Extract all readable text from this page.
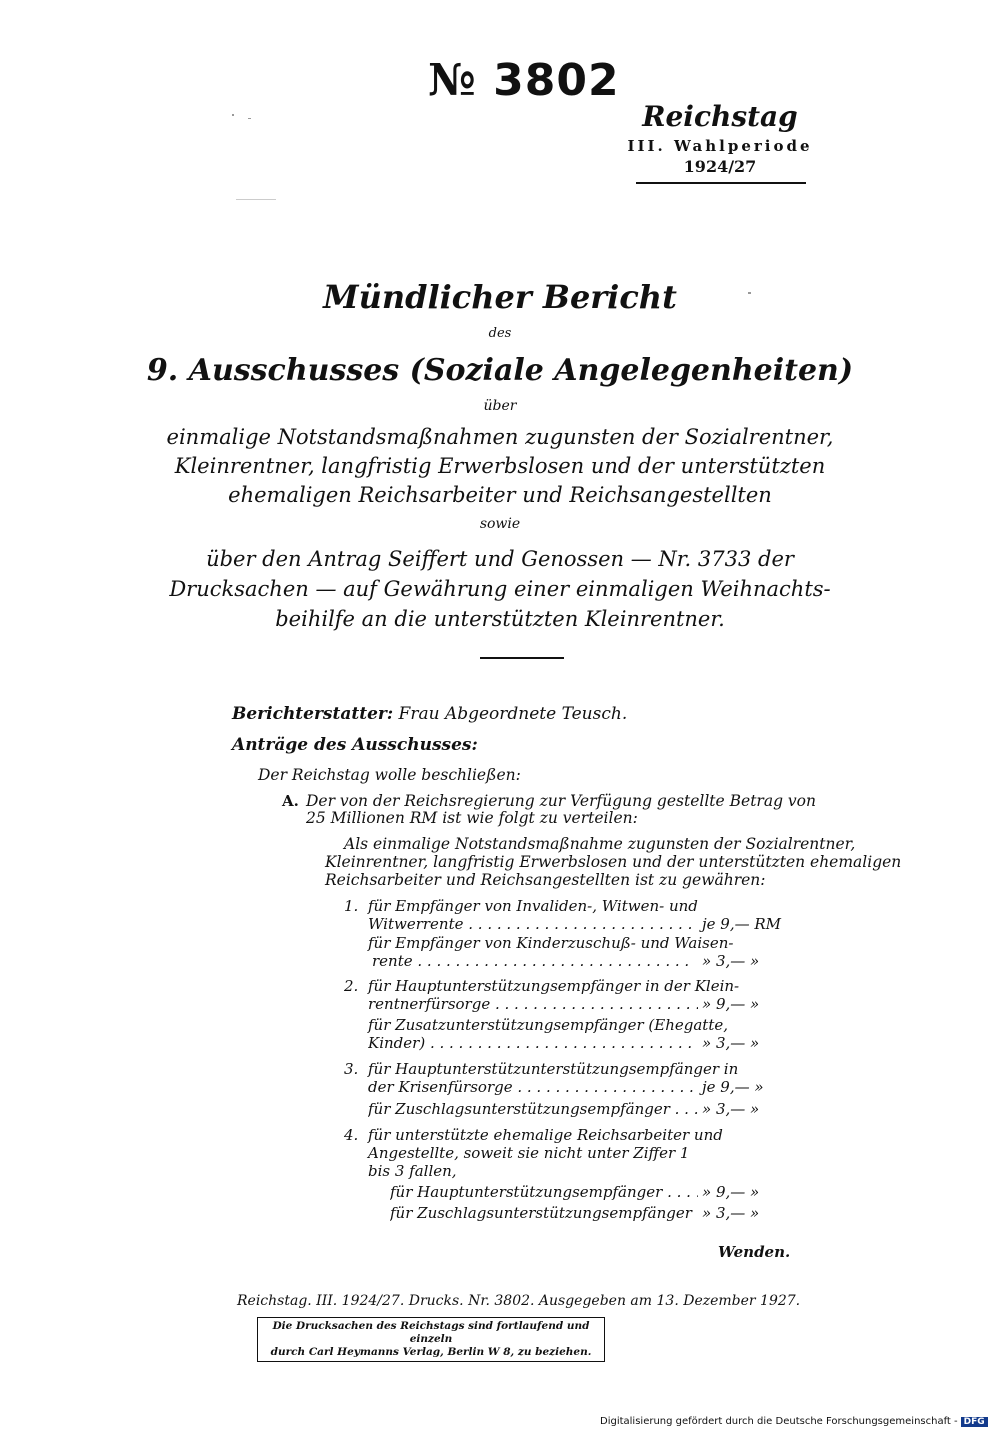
№ 3802
Reichstag
III. Wahlperiode
1924/27
Mündlicher Bericht
des
9. Ausschusses (Soziale Angelegenheiten)
über
einmalige Notstandsmaßnahmen zugunsten der Sozialrentner,
Kleinrentner, langfristig Erwerbslosen und der unterstützten
ehemaligen Reichsarbeiter und Reichsangestellten
sowie
über den Antrag Seiffert und Genossen — Nr. 3733 der
Drucksachen — auf Gewährung einer einmaligen Weihnachts-
beihilfe an die unterstützten Kleinrentner.
Berichterstatter: Frau Abgeordnete Teusch.
Anträge des Ausschusses:
Der Reichstag wolle beschließen:
A. Der von der Reichsregierung zur Verfügung gestellte Betrag von
25 Millionen RM ist wie folgt zu verteilen:
Als einmalige Notstandsmaßnahme zugunsten der Sozialrentner,
Kleinrentner, langfristig Erwerbslosen und der unterstützten ehemaligen
Reichsarbeiter und Reichsangestellten ist zu gewähren:
1. für Empfänger von Invaliden-, Witwen- und
Witwerrente . . .	je 9,— RM
für Empfänger von Kinderzuschuß- und Waisen-
rente . . .	» 3,— »
2. für Hauptunterstützungsempfänger in der Klein-
rentnerfürsorge . . .	» 9,— »
für Zusatzunterstützungsempfänger (Ehegatte,
Kinder) . . .	» 3,— »
3. für Hauptunterstützunterstützungsempfänger in
der Krisenfürsorge . . .	je 9,— »
für Zuschlagsunterstützungsempfänger . . .	» 3,— »
4. für unterstützte ehemalige Reichsarbeiter und
Angestellte, soweit sie nicht unter Ziffer 1
bis 3 fallen,
für Hauptunterstützungsempfänger . . .	» 9,— »
für Zuschlagsunterstützungsempfänger . . . » 3,— »
Wenden.
Reichstag. III. 1924/27. Drucks. Nr. 3802. Ausgegeben am 13. Dezember 1927.
Die Drucksachen des Reichstags sind fortlaufend und einzeln
durch Carl Heymanns Verlag, Berlin W 8, zu beziehen.
Digitalisierung gefördert durch die Deutsche Forschungsgemeinschaft - DFG
